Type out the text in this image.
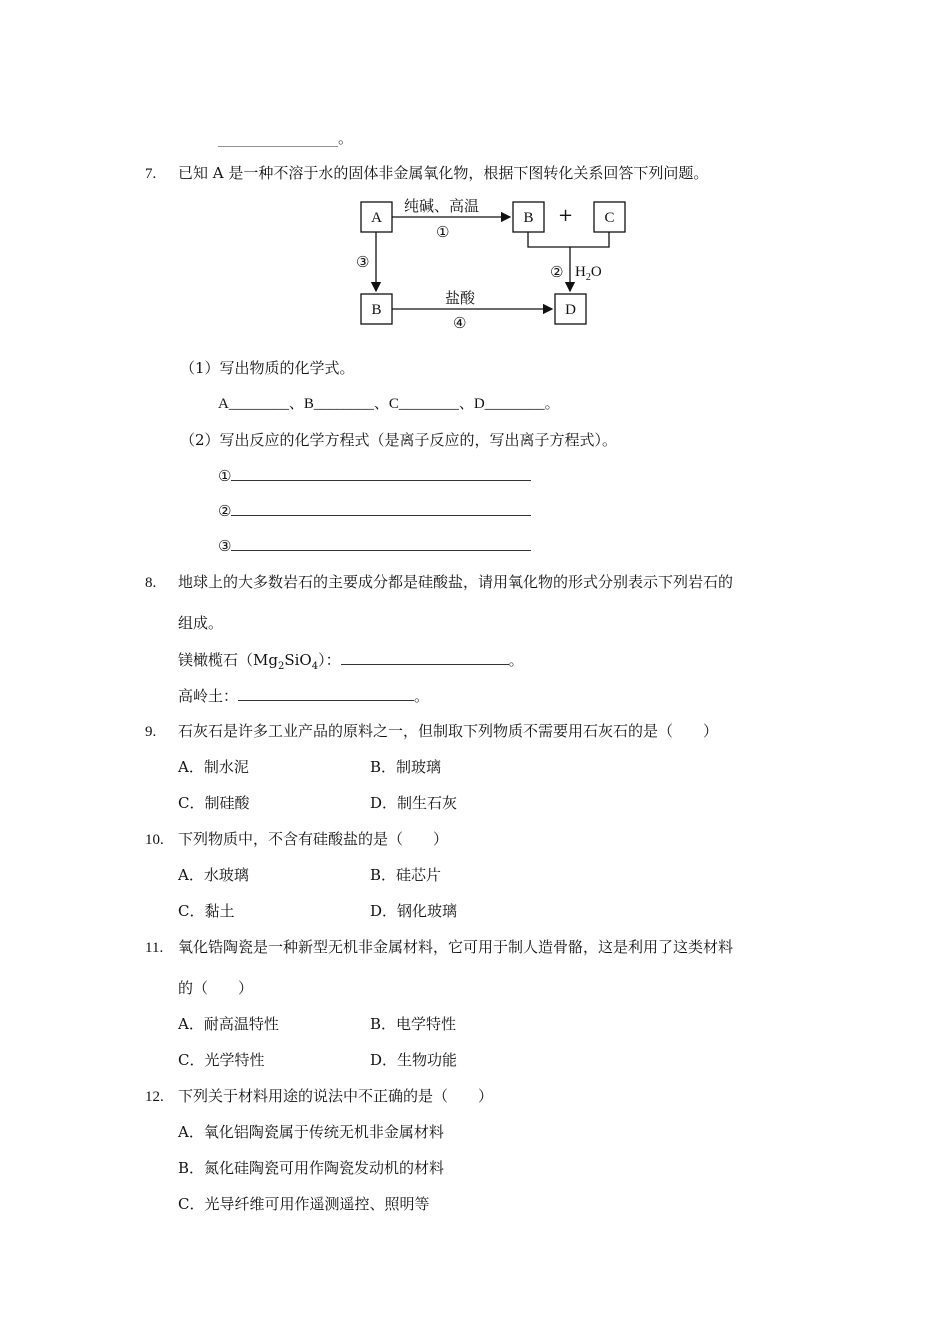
________________。
7. 已知 A 是一种不溶于水的固体非金属氧化物，根据下图转化关系回答下列问题。
A	B	C
B	D
+
纯碱、高温
①
③
② $H_2O$
盐酸
④
（1）写出物质的化学式。
A________、B________、C________、D________。
（2）写出反应的化学方程式（是离子反应的，写出离子方程式）。
①
②
③
8. 地球上的大多数岩石的主要成分都是硅酸盐，请用氧化物的形式分别表示下列岩石的
组成。
镁橄榄石$(Mg_2SiO_4)$：	。
高岭土：	。
9. 石灰石是许多工业产品的原料之一，但制取下列物质不需要用石灰石的是（　　）
A．制水泥	B．制玻璃
C．制硅酸	D．制生石灰
10. 下列物质中，不含有硅酸盐的是（　　）
A．水玻璃	B．硅芯片
C．黏土	D．钢化玻璃
11. 氧化锆陶瓷是一种新型无机非金属材料，它可用于制人造骨骼，这是利用了这类材料
的（　　）
A．耐高温特性	B．电学特性
C．光学特性	D．生物功能
12. 下列关于材料用途的说法中不正确的是（　　）
A．氧化铝陶瓷属于传统无机非金属材料
B．氮化硅陶瓷可用作陶瓷发动机的材料
C．光导纤维可用作遥测遥控、照明等
